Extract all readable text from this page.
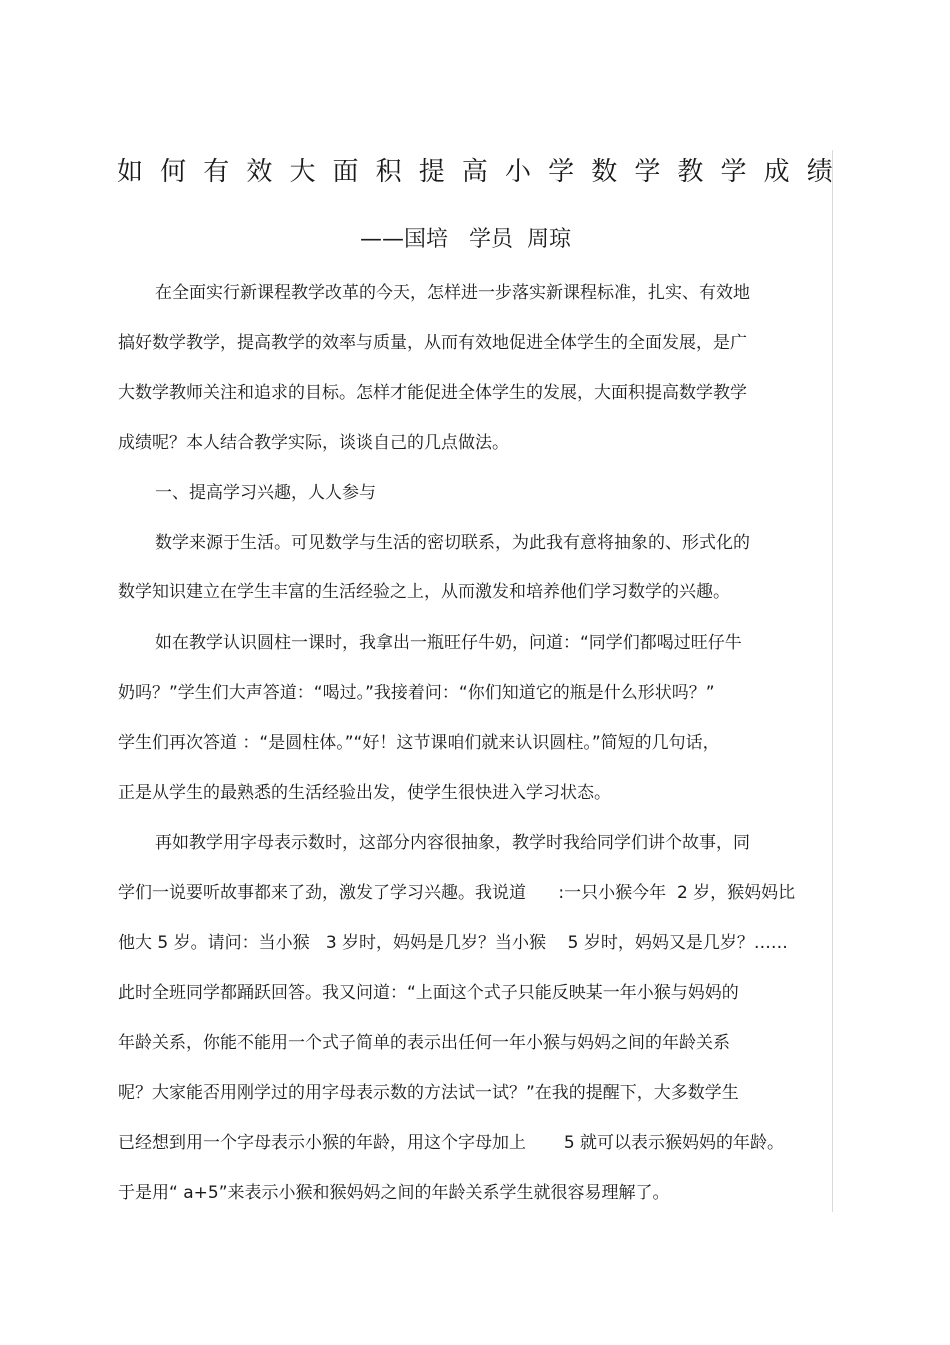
如 何 有 效 大 面 积 提 高 小 学 数 学 教 学 成 绩
——国培   学员  周琼
在全面实行新课程教学改革的今天，怎样进一步落实新课程标准，扎实、有效地
搞好数学教学，提高教学的效率与质量，从而有效地促进全体学生的全面发展，是广
大数学教师关注和追求的目标。怎样才能促进全体学生的发展，大面积提高数学教学
成绩呢？本人结合教学实际，谈谈自己的几点做法。
一、提高学习兴趣，人人参与
数学来源于生活。可见数学与生活的密切联系，为此我有意将抽象的、形式化的
数学知识建立在学生丰富的生活经验之上，从而激发和培养他们学习数学的兴趣。
如在教学认识圆柱一课时，我拿出一瓶旺仔牛奶，问道：“同学们都喝过旺仔牛
奶吗？”学生们大声答道：“喝过。”我接着问：“你们知道它的瓶是什么形状吗？”
学生们再次答道 ：“是圆柱体。”“好！这节课咱们就来认识圆柱。”简短的几句话，
正是从学生的最熟悉的生活经验出发，使学生很快进入学习状态。
再如教学用字母表示数时，这部分内容很抽象，教学时我给同学们讲个故事，同
学们一说要听故事都来了劲，激发了学习兴趣。我说道      :一只小猴今年  2 岁，猴妈妈比
他大 5 岁。请问：当小猴   3 岁时，妈妈是几岁？当小猴    5 岁时，妈妈又是几岁？……
此时全班同学都踊跃回答。我又问道：“上面这个式子只能反映某一年小猴与妈妈的
年龄关系，你能不能用一个式子简单的表示出任何一年小猴与妈妈之间的年龄关系
呢？大家能否用刚学过的用字母表示数的方法试一试？”在我的提醒下，大多数学生
已经想到用一个字母表示小猴的年龄，用这个字母加上       5 就可以表示猴妈妈的年龄。
于是用“ a+5”来表示小猴和猴妈妈之间的年龄关系学生就很容易理解了。
